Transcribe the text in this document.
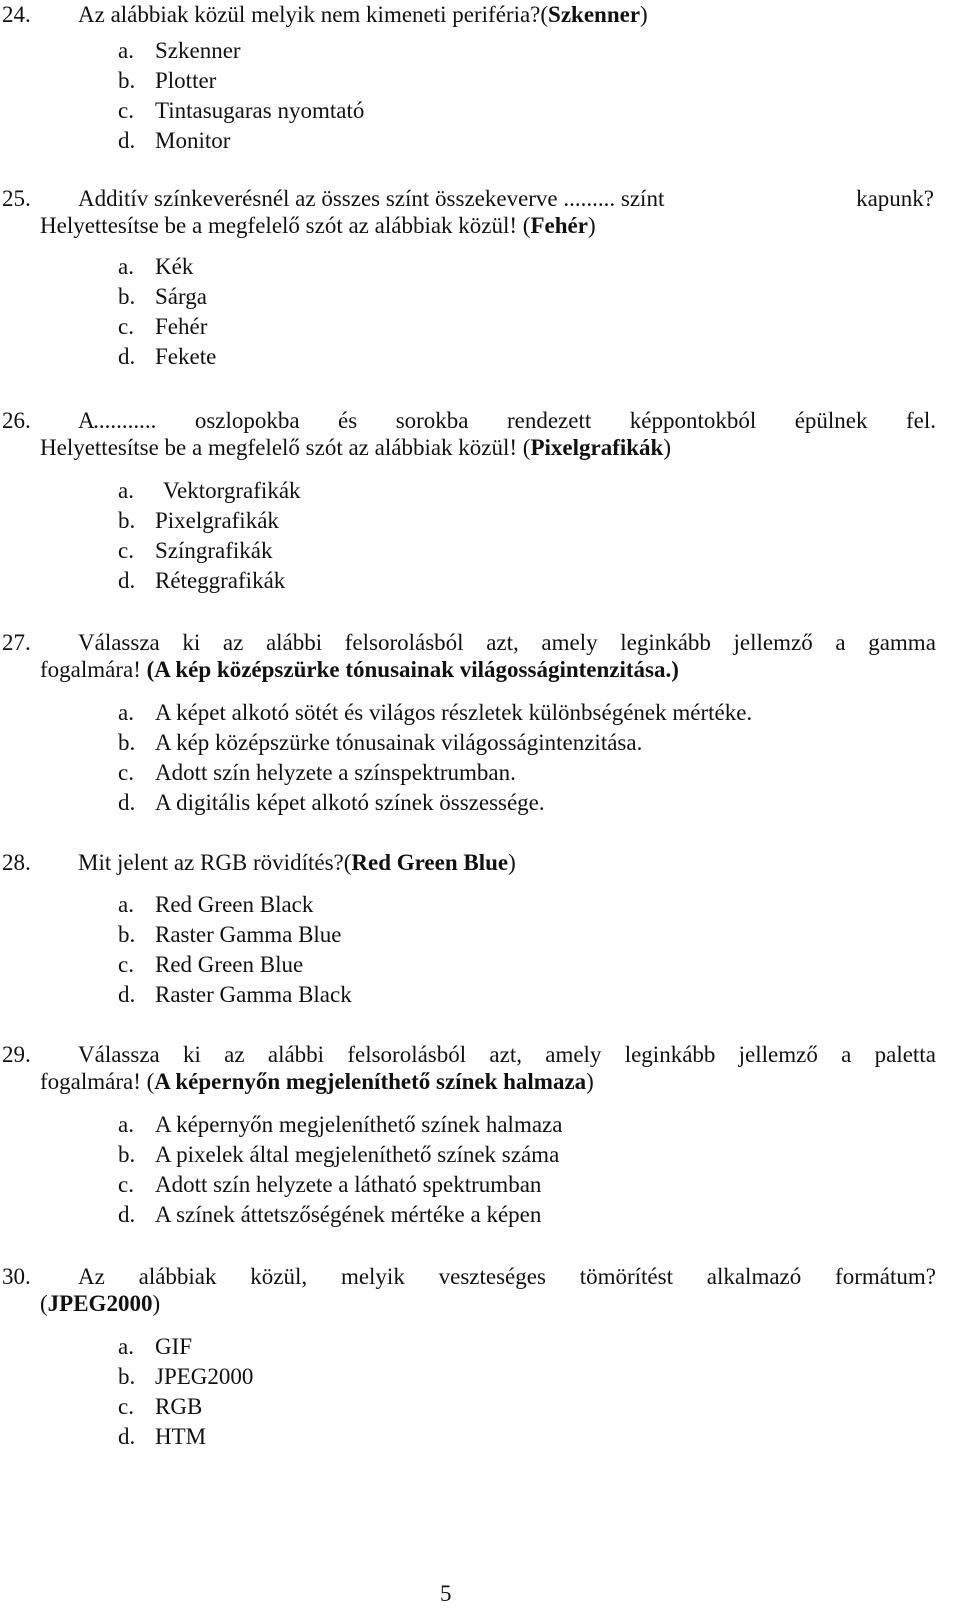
24. Az alábbiak közül melyik nem kimeneti periféria?(Szkenner)
a. Szkenner
b. Plotter
c. Tintasugaras nyomtató
d. Monitor
25. Additív színkeverésnél az összes színt összekeverve ......... színt	kapunk?
Helyettesítse be a megfelelő szót az alábbiak közül! (Fehér)
a. Kék
b. Sárga
c. Fehér
d. Fekete
26. A
........... oszlopokba és sorokba rendezett képpontokból épülnek fel.
Helyettesítse be a megfelelő szót az alábbiak közül! (Pixelgrafikák)
a. Vektorgrafikák
b. Pixelgrafikák
c. Színgrafikák
d. Réteggrafikák
27. Válassza ki az alábbi felsorolásból azt, amely leginkább jellemző a gamma
fogalmára! (A kép középszürke tónusainak világosságintenzitása.)
a. A képet alkotó sötét és világos részletek különbségének mértéke.
b. A kép középszürke tónusainak világosságintenzitása.
c. Adott szín helyzete a színspektrumban.
d. A digitális képet alkotó színek összessége.
28. Mit jelent az RGB rövidítés?(Red Green Blue)
a. Red Green Black
b. Raster Gamma Blue
c. Red Green Blue
d. Raster Gamma Black
29. Válassza ki az alábbi felsorolásból azt, amely leginkább jellemző a paletta
fogalmára! (A képernyőn megjeleníthető színek halmaza)
a. A képernyőn megjeleníthető színek halmaza
b. A pixelek által megjeleníthető színek száma
c. Adott szín helyzete a látható spektrumban
d. A színek áttetszőségének mértéke a képen
30. Az alábbiak közül, melyik veszteséges tömörítést alkalmazó formátum?
(JPEG2000)
a. GIF
b. JPEG2000
c. RGB
d. HTM
5
